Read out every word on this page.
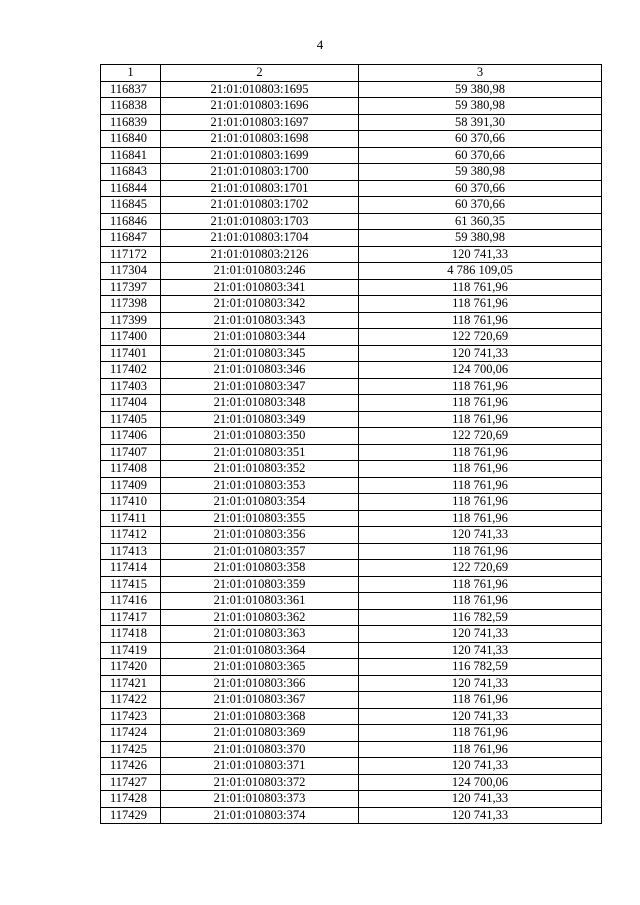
4
1	2	3
116837	21:01:010803:1695	59 380,98
116838	21:01:010803:1696	59 380,98
116839	21:01:010803:1697	58 391,30
116840	21:01:010803:1698	60 370,66
116841	21:01:010803:1699	60 370,66
116843	21:01:010803:1700	59 380,98
116844	21:01:010803:1701	60 370,66
116845	21:01:010803:1702	60 370,66
116846	21:01:010803:1703	61 360,35
116847	21:01:010803:1704	59 380,98
117172	21:01:010803:2126	120 741,33
117304	21:01:010803:246	4 786 109,05
117397	21:01:010803:341	118 761,96
117398	21:01:010803:342	118 761,96
117399	21:01:010803:343	118 761,96
117400	21:01:010803:344	122 720,69
117401	21:01:010803:345	120 741,33
117402	21:01:010803:346	124 700,06
117403	21:01:010803:347	118 761,96
117404	21:01:010803:348	118 761,96
117405	21:01:010803:349	118 761,96
117406	21:01:010803:350	122 720,69
117407	21:01:010803:351	118 761,96
117408	21:01:010803:352	118 761,96
117409	21:01:010803:353	118 761,96
117410	21:01:010803:354	118 761,96
117411	21:01:010803:355	118 761,96
117412	21:01:010803:356	120 741,33
117413	21:01:010803:357	118 761,96
117414	21:01:010803:358	122 720,69
117415	21:01:010803:359	118 761,96
117416	21:01:010803:361	118 761,96
117417	21:01:010803:362	116 782,59
117418	21:01:010803:363	120 741,33
117419	21:01:010803:364	120 741,33
117420	21:01:010803:365	116 782,59
117421	21:01:010803:366	120 741,33
117422	21:01:010803:367	118 761,96
117423	21:01:010803:368	120 741,33
117424	21:01:010803:369	118 761,96
117425	21:01:010803:370	118 761,96
117426	21:01:010803:371	120 741,33
117427	21:01:010803:372	124 700,06
117428	21:01:010803:373	120 741,33
117429	21:01:010803:374	120 741,33
